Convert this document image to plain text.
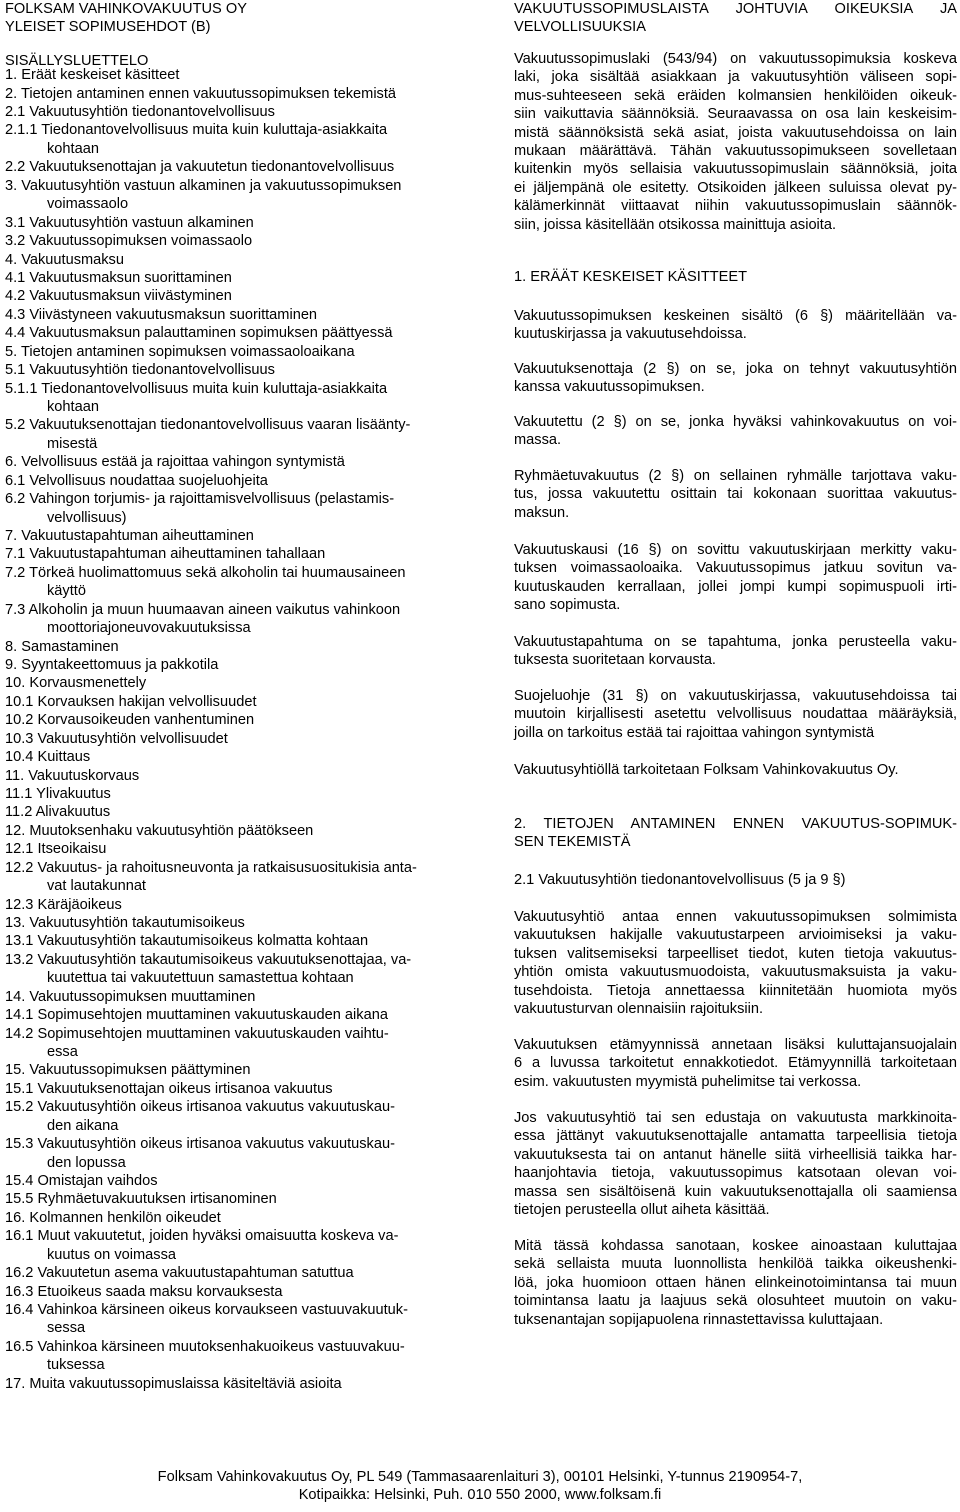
FOLKSAM VAHINKOVAKUUTUS OY
YLEISET SOPIMUSEHDOT (B)
SISÄLLYSLUETTELO
1. Eräät keskeiset käsitteet
2. Tietojen antaminen ennen vakuutussopimuksen tekemistä
2.1 Vakuutusyhtiön tiedonantovelvollisuus
2.1.1 Tiedonantovelvollisuus muita kuin kuluttaja-asiakkaita
kohtaan
2.2 Vakuutuksenottajan ja vakuutetun tiedonantovelvollisuus
3. Vakuutusyhtiön vastuun alkaminen ja vakuutussopimuksen
voimassaolo
3.1 Vakuutusyhtiön vastuun alkaminen
3.2 Vakuutussopimuksen voimassaolo
4. Vakuutusmaksu
4.1 Vakuutusmaksun suorittaminen
4.2 Vakuutusmaksun viivästyminen
4.3 Viivästyneen vakuutusmaksun suorittaminen
4.4 Vakuutusmaksun palauttaminen sopimuksen päättyessä
5. Tietojen antaminen sopimuksen voimassaoloaikana
5.1 Vakuutusyhtiön tiedonantovelvollisuus
5.1.1 Tiedonantovelvollisuus muita kuin kuluttaja-asiakkaita
kohtaan
5.2 Vakuutuksenottajan tiedonantovelvollisuus vaaran lisäänty-
misestä
6. Velvollisuus estää ja rajoittaa vahingon syntymistä
6.1 Velvollisuus noudattaa suojeluohjeita
6.2 Vahingon torjumis- ja rajoittamisvelvollisuus (pelastamis-
velvollisuus)
7. Vakuutustapahtuman aiheuttaminen
7.1 Vakuutustapahtuman aiheuttaminen tahallaan
7.2 Törkeä huolimattomuus sekä alkoholin tai huumausaineen
käyttö
7.3 Alkoholin ja muun huumaavan aineen vaikutus vahinkoon
moottoriajoneuvovakuutuksissa
8. Samastaminen
9. Syyntakeettomuus ja pakkotila
10. Korvausmenettely
10.1 Korvauksen hakijan velvollisuudet
10.2 Korvausoikeuden vanhentuminen
10.3 Vakuutusyhtiön velvollisuudet
10.4 Kuittaus
11. Vakuutuskorvaus
11.1 Ylivakuutus
11.2 Alivakuutus
12. Muutoksenhaku vakuutusyhtiön päätökseen
12.1 Itseoikaisu
12.2 Vakuutus- ja rahoitusneuvonta ja ratkaisusuositukisia anta-
vat lautakunnat
12.3 Käräjäoikeus
13. Vakuutusyhtiön takautumisoikeus
13.1 Vakuutusyhtiön takautumisoikeus kolmatta kohtaan
13.2 Vakuutusyhtiön takautumisoikeus vakuutuksenottajaa, va-
kuutettua tai vakuutettuun samastettua kohtaan
14. Vakuutussopimuksen muuttaminen
14.1 Sopimusehtojen muuttaminen vakuutuskauden aikana
14.2 Sopimusehtojen muuttaminen vakuutuskauden vaihtu-
essa
15. Vakuutussopimuksen päättyminen
15.1 Vakuutuksenottajan oikeus irtisanoa vakuutus
15.2 Vakuutusyhtiön oikeus irtisanoa vakuutus vakuutuskau-
den aikana
15.3 Vakuutusyhtiön oikeus irtisanoa vakuutus vakuutuskau-
den lopussa
15.4 Omistajan vaihdos
15.5 Ryhmäetuvakuutuksen irtisanominen
16. Kolmannen henkilön oikeudet
16.1 Muut vakuutetut, joiden hyväksi omaisuutta koskeva va-
kuutus on voimassa
16.2 Vakuutetun asema vakuutustapahtuman satuttua
16.3 Etuoikeus saada maksu korvauksesta
16.4 Vahinkoa kärsineen oikeus korvaukseen vastuuvakuutuk-
sessa
16.5 Vahinkoa kärsineen muutoksenhakuoikeus vastuuvakuu-
tuksessa
17. Muita vakuutussopimuslaissa käsiteltäviä asioita
VAKUUTUSSOPIMUSLAISTA JOHTUVIA OIKEUKSIA JA
VELVOLLISUUKSIA
Vakuutussopimuslaki (543/94) on vakuutussopimuksia koskeva
laki, joka sisältää asiakkaan ja vakuutusyhtiön väliseen sopi-
mus-suhteeseen sekä eräiden kolmansien henkilöiden oikeuk-
siin vaikuttavia säännöksiä. Seuraavassa on osa lain keskeisim-
mistä säännöksistä sekä asiat, joista vakuutusehdoissa on lain
mukaan määrättävä. Tähän vakuutussopimukseen sovelletaan
kuitenkin myös sellaisia vakuutussopimuslain säännöksiä, joita
ei jäljempänä ole esitetty. Otsikoiden jälkeen suluissa olevat py-
kälämerkinnät viittaavat niihin vakuutussopimuslain säännök-
siin, joissa käsitellään otsikossa mainittuja asioita.
1. ERÄÄT KESKEISET KÄSITTEET
Vakuutussopimuksen keskeinen sisältö (6 §) määritellään va-
kuutuskirjassa ja vakuutusehdoissa.
Vakuutuksenottaja (2 §) on se, joka on tehnyt vakuutusyhtiön
kanssa vakuutussopimuksen.
Vakuutettu (2 §) on se, jonka hyväksi vahinkovakuutus on voi-
massa.
Ryhmäetuvakuutus (2 §) on sellainen ryhmälle tarjottava vaku-
tus, jossa vakuutettu osittain tai kokonaan suorittaa vakuutus-
maksun.
Vakuutuskausi (16 §) on sovittu vakuutuskirjaan merkitty vaku-
tuksen voimassaoloaika. Vakuutussopimus jatkuu sovitun va-
kuutuskauden kerrallaan, jollei jompi kumpi sopimuspuoli irti-
sano sopimusta.
Vakuutustapahtuma on se tapahtuma, jonka perusteella vaku-
tuksesta suoritetaan korvausta.
Suojeluohje (31 §) on vakuutuskirjassa, vakuutusehdoissa tai
muutoin kirjallisesti asetettu velvollisuus noudattaa määräyksiä,
joilla on tarkoitus estää tai rajoittaa vahingon syntymistä
Vakuutusyhtiöllä tarkoitetaan Folksam Vahinkovakuutus Oy.
2. TIETOJEN ANTAMINEN ENNEN VAKUUTUS-SOPIMUK-
SEN TEKEMISTÄ
2.1 Vakuutusyhtiön tiedonantovelvollisuus (5 ja 9 §)
Vakuutusyhtiö antaa ennen vakuutussopimuksen solmimista
vakuutuksen hakijalle vakuutustarpeen arvioimiseksi ja vaku-
tuksen valitsemiseksi tarpeelliset tiedot, kuten tietoja vakuutus-
yhtiön omista vakuutusmuodoista, vakuutusmaksuista ja vaku-
tusehdoista. Tietoja annettaessa kiinnitetään huomiota myös
vakuutusturvan olennaisiin rajoituksiin.
Vakuutuksen etämyynnissä annetaan lisäksi kuluttajansuojalain
6 a luvussa tarkoitetut ennakkotiedot. Etämyynnillä tarkoitetaan
esim. vakuutusten myymistä puhelimitse tai verkossa.
Jos vakuutusyhtiö tai sen edustaja on vakuutusta markkinoita-
essa jättänyt vakuutuksenottajalle antamatta tarpeellisia tietoja
vakuutuksesta tai on antanut hänelle siitä virheellisiä taikka har-
haanjohtavia tietoja, vakuutussopimus katsotaan olevan voi-
massa sen sisältöisenä kuin vakuutuksenottajalla oli saamiensa
tietojen perusteella ollut aiheta käsittää.
Mitä tässä kohdassa sanotaan, koskee ainoastaan kuluttajaa
sekä sellaista muuta luonnollista henkilöä taikka oikeushenki-
löä, joka huomioon ottaen hänen elinkeinotoimintansa tai muun
toimintansa laatu ja laajuus sekä olosuhteet muutoin on vaku-
tuksenantajan sopijapuolena rinnastettavissa kuluttajaan.
Folksam Vahinkovakuutus Oy, PL 549 (Tammasaarenlaituri 3), 00101 Helsinki, Y-tunnus 2190954-7,
Kotipaikka: Helsinki, Puh. 010 550 2000, www.folksam.fi
